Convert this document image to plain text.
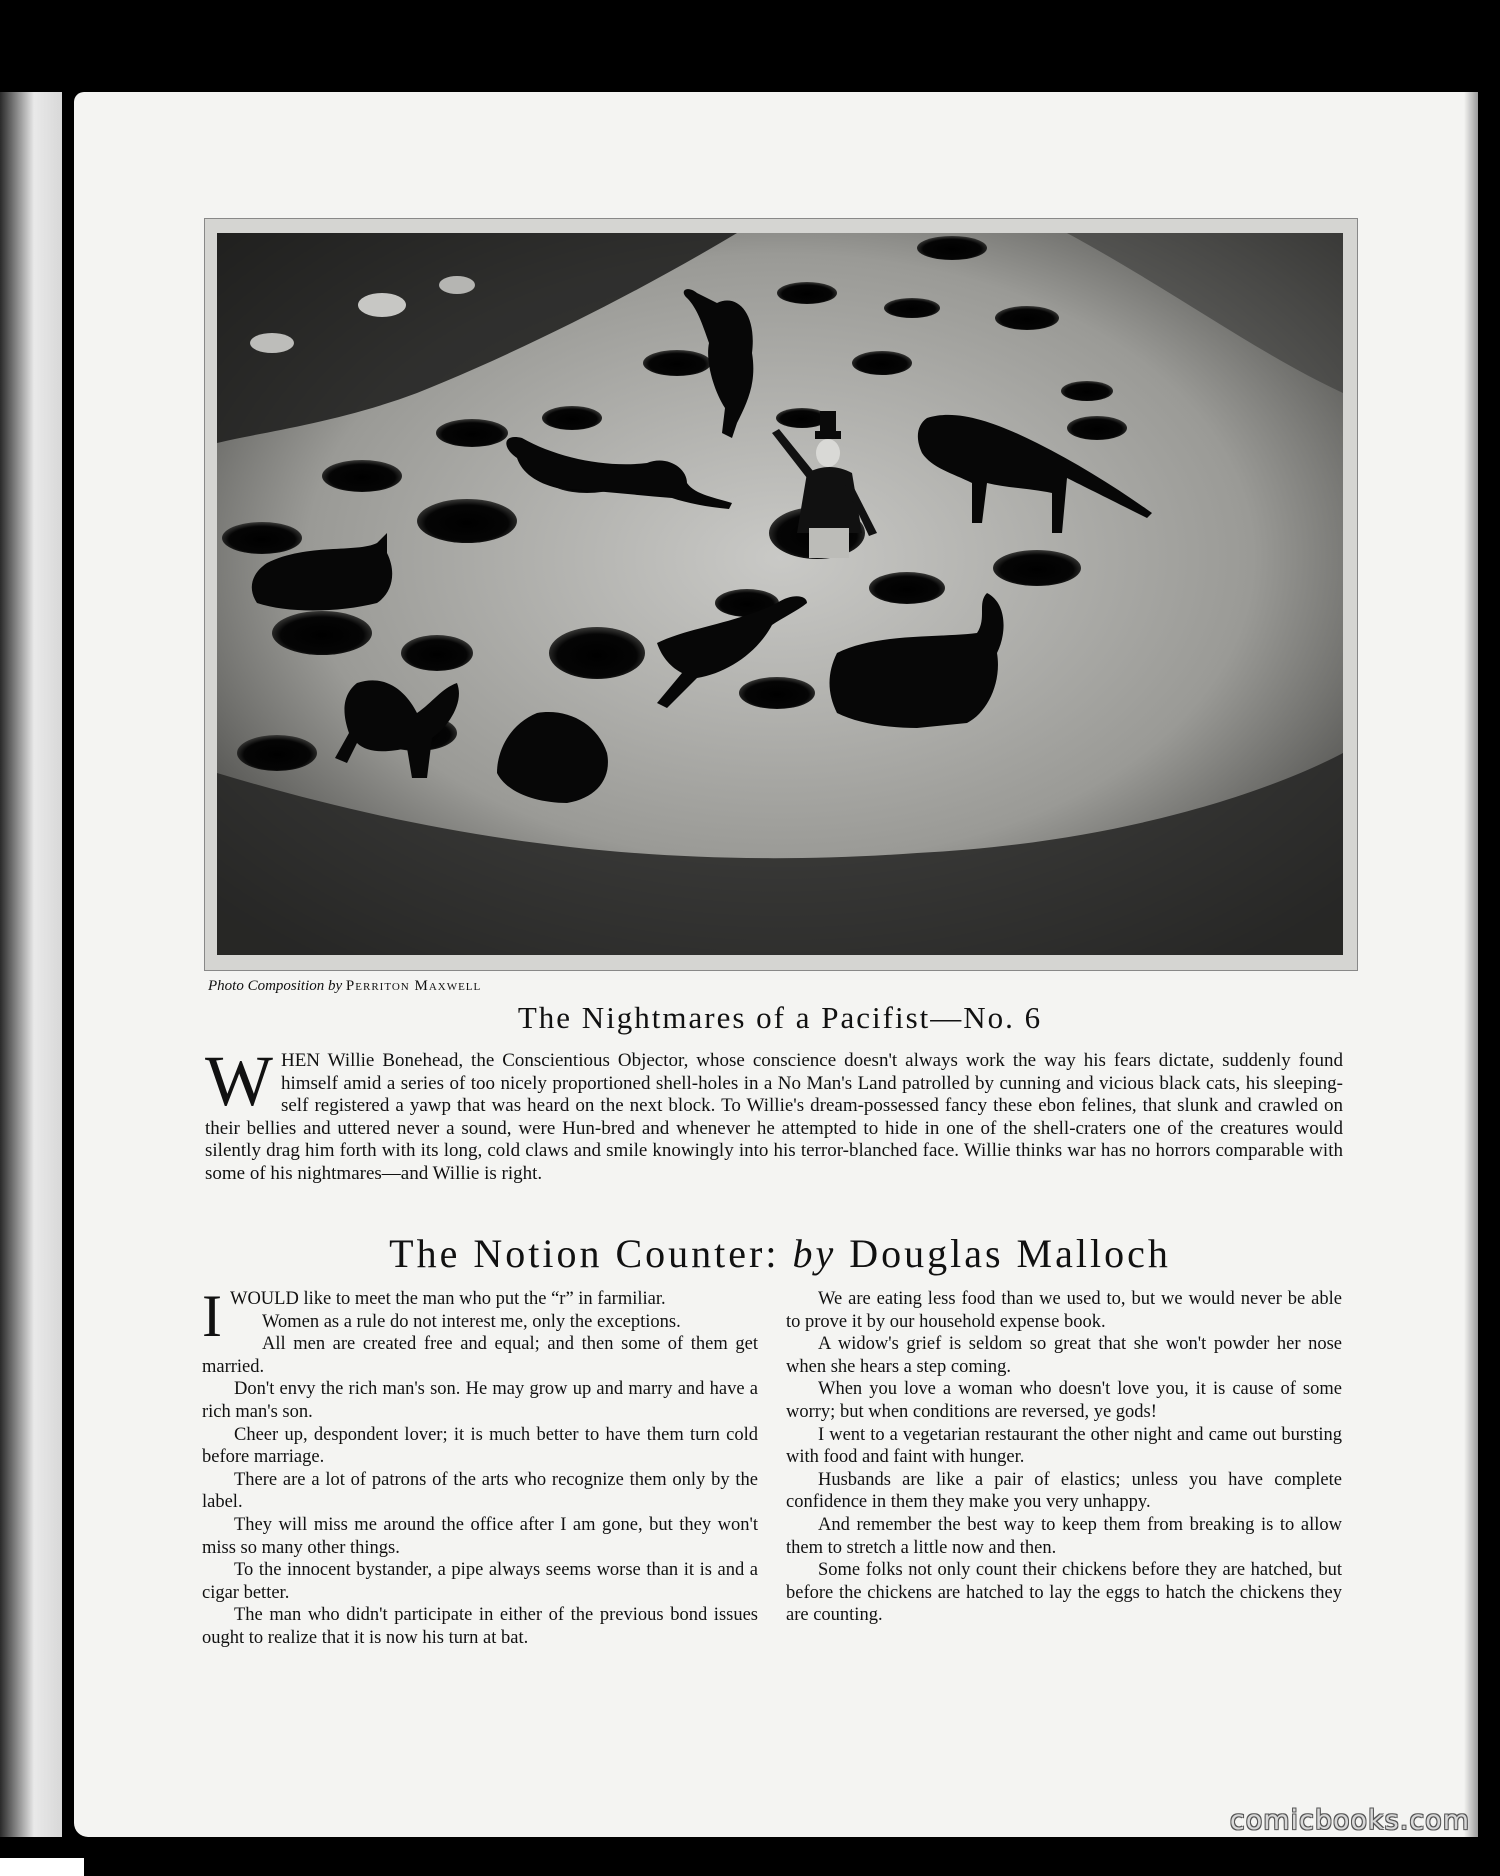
Photo Composition by Perriton Maxwell
The Nightmares of a Pacifist—No. 6
W HEN Willie Bonehead, the Conscientious Objector, whose conscience doesn't always work the way his fears dictate, suddenly found himself amid a series of too nicely proportioned shell-holes in a No Man's Land patrolled by cunning and vicious black cats, his sleeping-self registered a yawp that was heard on the next block. To Willie's dream-possessed fancy these ebon felines, that slunk and crawled on their bellies and uttered never a sound, were Hun-bred and whenever he attempted to hide in one of the shell-craters one of the creatures would silently drag him forth with its long, cold claws and smile knowingly into his terror-blanched face. Willie thinks war has no horrors comparable with some of his nightmares—and Willie is right.
The Notion Counter: by Douglas Malloch

IWOULD like to meet the man who put the “r” in farmiliar.

Women as a rule do not interest me, only the exceptions.

All men are created free and equal; and then some of them get married.

Don't envy the rich man's son. He may grow up and marry and have a rich man's son.

Cheer up, despondent lover; it is much better to have them turn cold before marriage.

There are a lot of patrons of the arts who recognize them only by the label.

They will miss me around the office after I am gone, but they won't miss so many other things.

To the innocent bystander, a pipe always seems worse than it is and a cigar better.

The man who didn't participate in either of the previous bond issues ought to realize that it is now his turn at bat.

We are eating less food than we used to, but we would never be able to prove it by our household expense book.

A widow's grief is seldom so great that she won't powder her nose when she hears a step coming.

When you love a woman who doesn't love you, it is cause of some worry; but when conditions are reversed, ye gods!

I went to a vegetarian restaurant the other night and came out bursting with food and faint with hunger.

Husbands are like a pair of elastics; unless you have complete confidence in them they make you very unhappy.

And remember the best way to keep them from breaking is to allow them to stretch a little now and then.

Some folks not only count their chickens before they are hatched, but before the chickens are hatched to lay the eggs to hatch the chickens they are counting.

comicbooks.com
